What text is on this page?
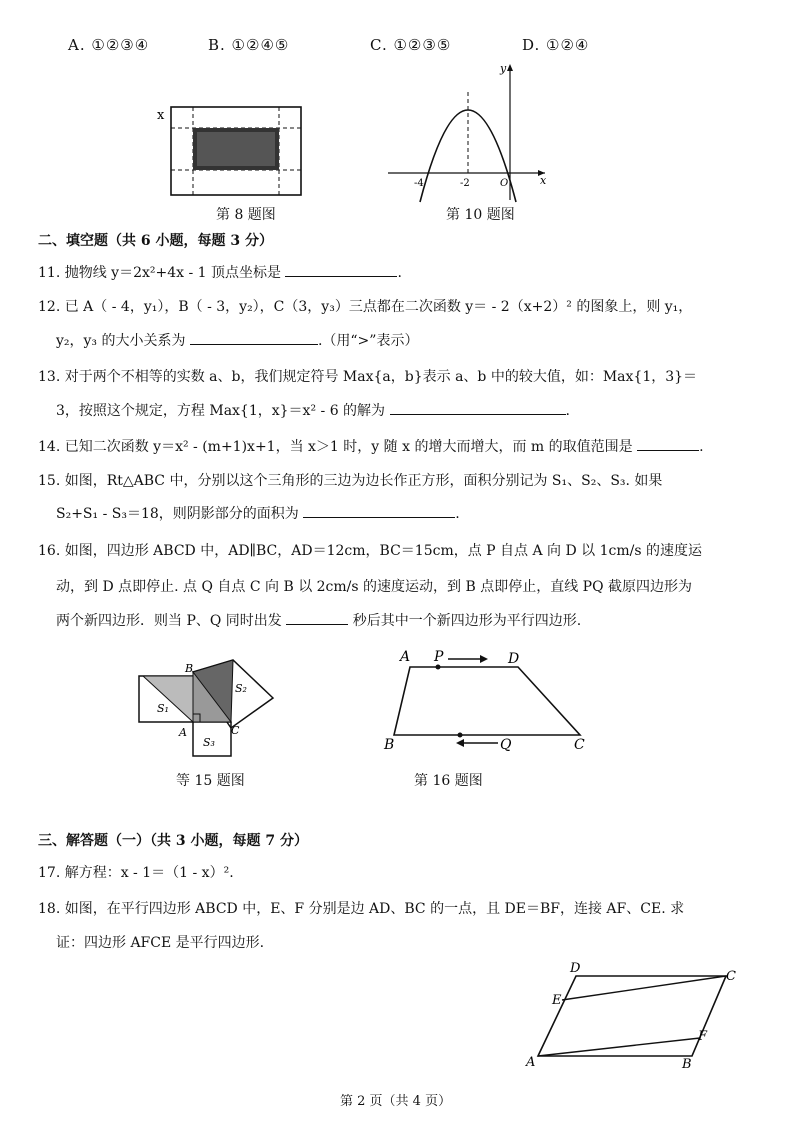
A. ①②③④	B. ①②④⑤	C. ①②③⑤	D. ①②④
x
第 8 题图
y
x
-4	-2	O
第 10 题图
二、填空题（共 6 小题，每题 3 分）
11. 抛物线 y＝2x²+4x - 1 顶点坐标是	.
12. 已 A（ - 4，y₁），B（ - 3，y₂），C（3，y₃）三点都在二次函数 y＝ - 2（x+2）² 的图象上，则 y₁，
y₂，y₃ 的大小关系为	.（用“>”表示）
13. 对于两个不相等的实数 a、b，我们规定符号 Max{a，b}表示 a、b 中的较大值，如：Max{1，3}＝
3，按照这个规定，方程 Max{1，x}＝x² - 6 的解为	.
14. 已知二次函数 y＝x² - (m+1)x+1，当 x＞1 时，y 随 x 的增大而增大，而 m 的取值范围是	.
15. 如图，Rt△ABC 中，分别以这个三角形的三边为边长作正方形，面积分别记为 S₁、S₂、S₃. 如果
S₂+S₁ - S₃＝18，则阴影部分的面积为	.
16. 如图，四边形 ABCD 中，AD∥BC，AD＝12cm，BC＝15cm，点 P 自点 A 向 D 以 1cm/s 的速度运
动，到 D 点即停止. 点 Q 自点 C 向 B 以 2cm/s 的速度运动，到 B 点即停止，直线 PQ 截原四边形为
两个新四边形．则当 P、Q 同时出发	秒后其中一个新四边形为平行四边形.
B
A	C
S₁
S₂
S₃
等 15 题图
A P	D
B	Q	C
第 16 题图
三、解答题（一）（共 3 小题，每题 7 分）
17. 解方程：x - 1＝（1 - x）².
18. 如图，在平行四边形 ABCD 中，E、F 分别是边 AD、BC 的一点，且 DE＝BF，连接 AF、CE. 求
证：四边形 AFCE 是平行四边形.
D
C
E
F
A	B
第 2 页（共 4 页）
